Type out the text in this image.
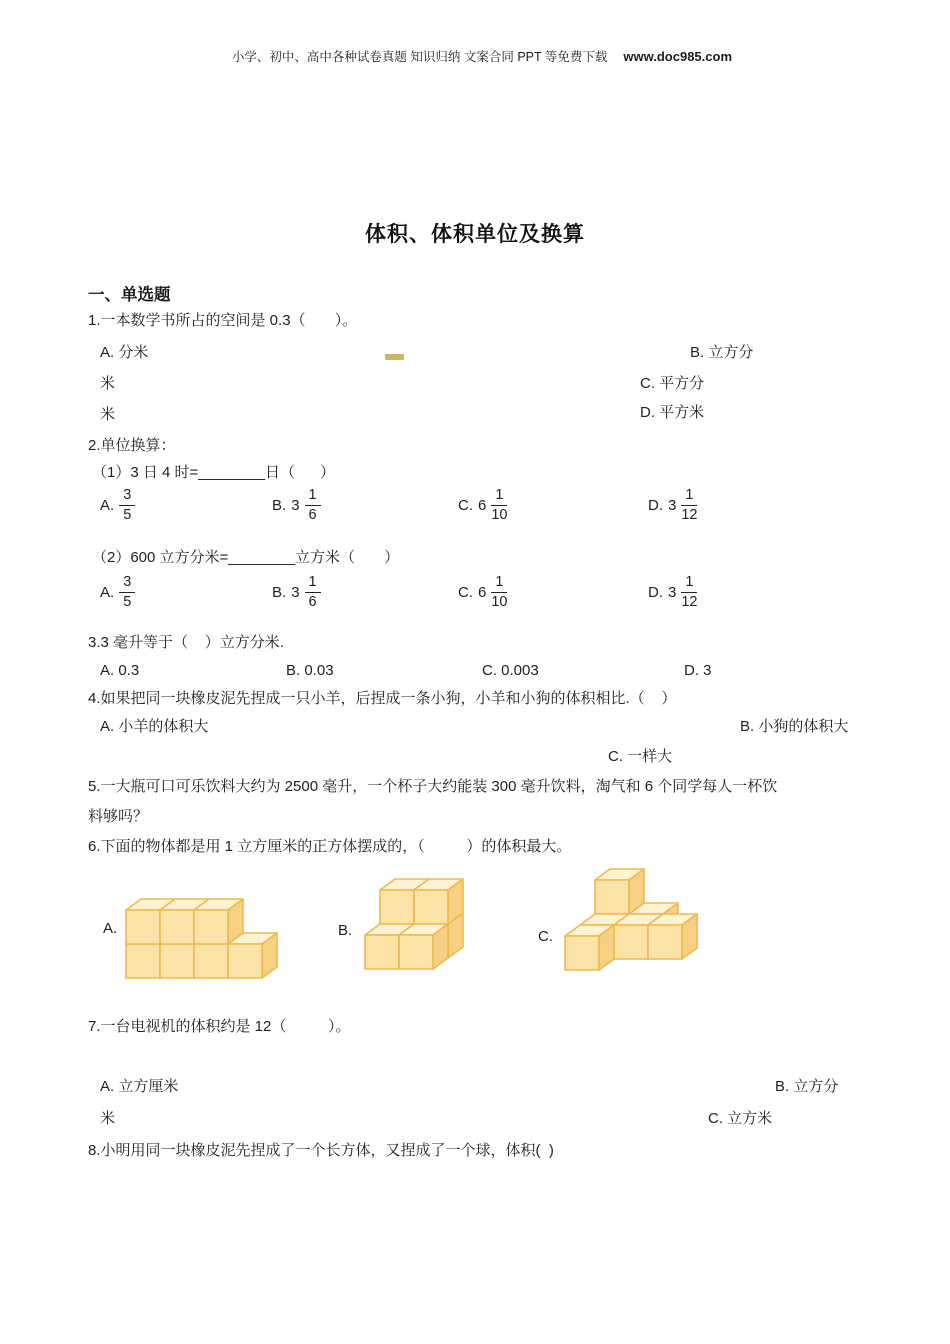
小学、初中、高中各种试卷真题 知识归纳 文案合同 PPT 等免费下载 www.doc985.com

体积、体积单位及换算
一、单选题
1.一本数学书所占的空间是 0.3（       ）。
A. 分米	B. 立方分
米	C. 平方分
米	D. 平方米
2.单位换算：
（1）3 日 4 时=________日（      ）
A. $\frac{3}{5}$	B. $3 \frac{1}{6}$	C. $6 \frac{1}{10}$	D. $3 \frac{1}{12}$
（2）600 立方分米=________立方米（       ）
A. $\frac{3}{5}$	B. $3 \frac{1}{6}$	C. $6 \frac{1}{10}$	D. $3 \frac{1}{12}$
3.3 毫升等于（    ）立方分米.
A. 0.3	B. 0.03	C. 0.003	D. 3
4.如果把同一块橡皮泥先捏成一只小羊，后捏成一条小狗，小羊和小狗的体积相比.（    ）
A. 小羊的体积大	B. 小狗的体积大
C. 一样大
5.一大瓶可口可乐饮料大约为 2500 毫升，一个杯子大约能装 300 毫升饮料，淘气和 6 个同学每人一杯饮
料够吗？
6.下面的物体都是用 1 立方厘米的正方体摆成的，（          ）的体积最大。
A.	B.	C.
7.一台电视机的体积约是 12（          ）。
A. 立方厘米	B. 立方分
米	C. 立方米
8.小明用同一块橡皮泥先捏成了一个长方体，又捏成了一个球，体积(  )
